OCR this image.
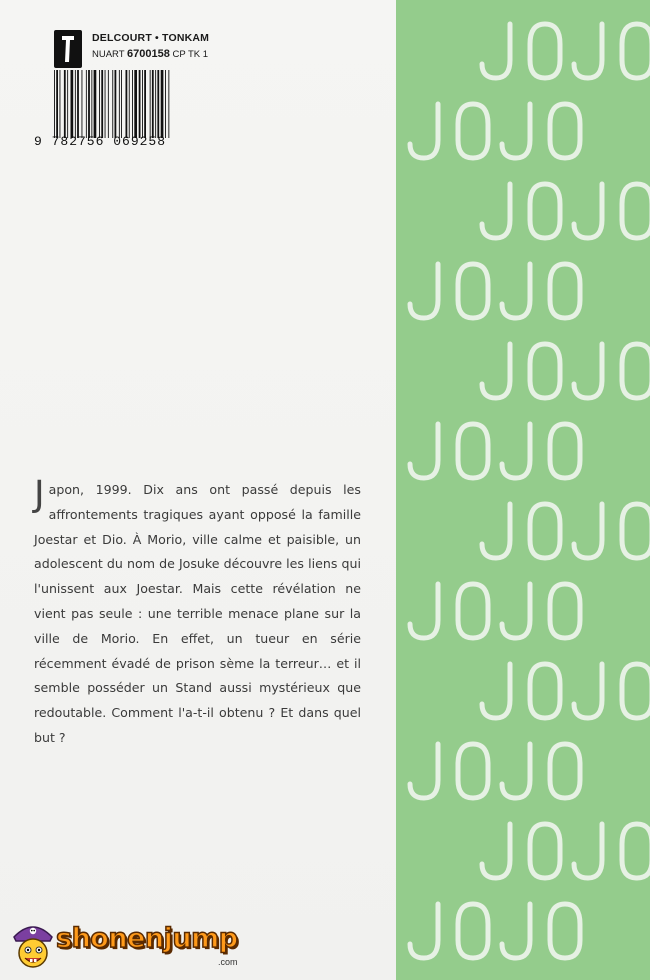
DELCOURT • TONKAM
NUART 6700158 CP TK 1
9 782756 069258
Japon, 1999. Dix ans ont passé depuis les affrontements tragiques ayant opposé la famille Joestar et Dio. À Morio, ville calme et paisible, un adolescent du nom de Josuke découvre les liens qui l'unissent aux Joestar. Mais cette révélation ne vient pas seule : une terrible menace plane sur la ville de Morio. En effet, un tueur en série récemment évadé de prison sème la terreur… et il semble posséder un Stand aussi mystérieux que redoutable. Comment l'a-t-il obtenu ? Et dans quel but ?
shonenjump
.com
